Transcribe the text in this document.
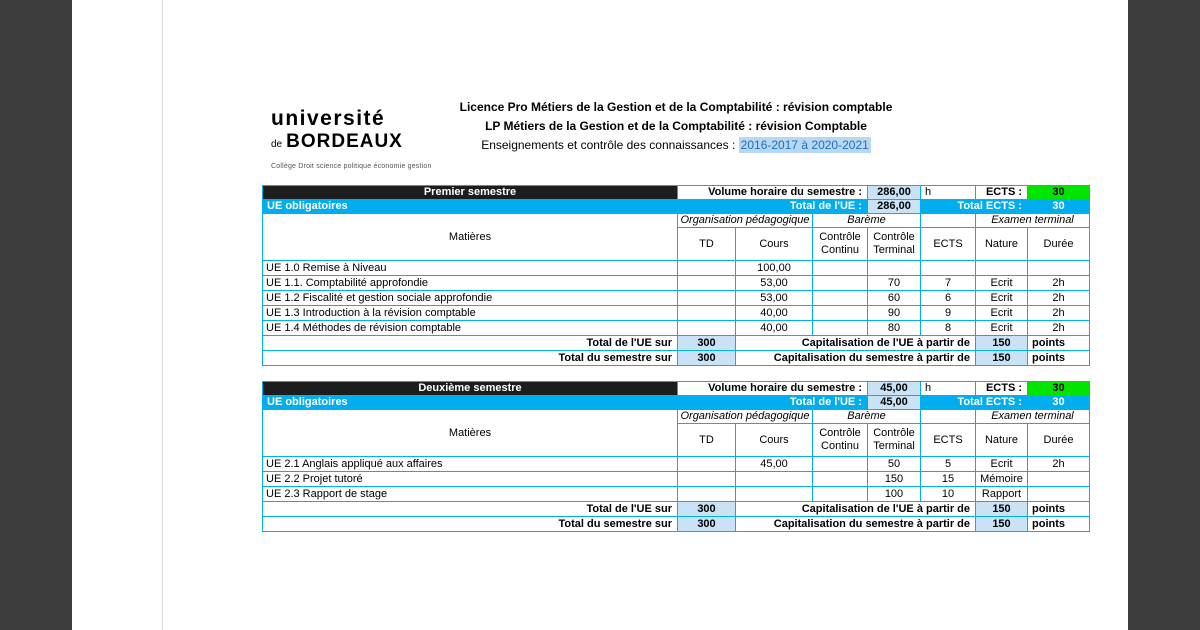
université
de BORDEAUX
Collège Droit science politique économie gestion
Licence Pro Métiers de la Gestion et de la Comptabilité : révision comptable
LP Métiers de la Gestion et de la Comptabilité : révision Comptable
Enseignements et contrôle des connaissances : 2016-2017 à 2020-2021
Premier semestre	Volume horaire du semestre :			286,00	h	ECTS :	30
UE obligatoires	Total de l'UE :			286,00	Total ECTS :		30
Matières	Organisation pédagogique		Barème			Examen terminal	
	TD	Cours	Contrôle Continu	Contrôle Terminal	ECTS	Nature	Durée
UE 1.0 Remise à Niveau		100,00					
UE 1.1. Comptabilité approfondie		53,00		70	7	Ecrit	2h
UE 1.2 Fiscalité et gestion sociale approfondie		53,00		60	6	Ecrit	2h
UE 1.3 Introduction à la révision comptable		40,00		90	9	Ecrit	2h
UE 1.4 Méthodes de révision comptable		40,00		80	8	Ecrit	2h
Total de l'UE sur	300	Capitalisation de l'UE à partir de				150	points
Total du semestre sur	300	Capitalisation du semestre à partir de				150	points
Deuxième semestre	Volume horaire du semestre :			45,00	h	ECTS :	30
UE obligatoires	Total de l'UE :			45,00	Total ECTS :		30
Matières	Organisation pédagogique		Barème			Examen terminal	
	TD	Cours	Contrôle Continu	Contrôle Terminal	ECTS	Nature	Durée
UE 2.1 Anglais appliqué aux affaires		45,00		50	5	Ecrit	2h
UE 2.2 Projet tutoré				150	15	Mémoire	
UE 2.3 Rapport de stage				100	10	Rapport	
Total de l'UE sur	300	Capitalisation de l'UE à partir de				150	points
Total du semestre sur	300	Capitalisation du semestre à partir de				150	points
